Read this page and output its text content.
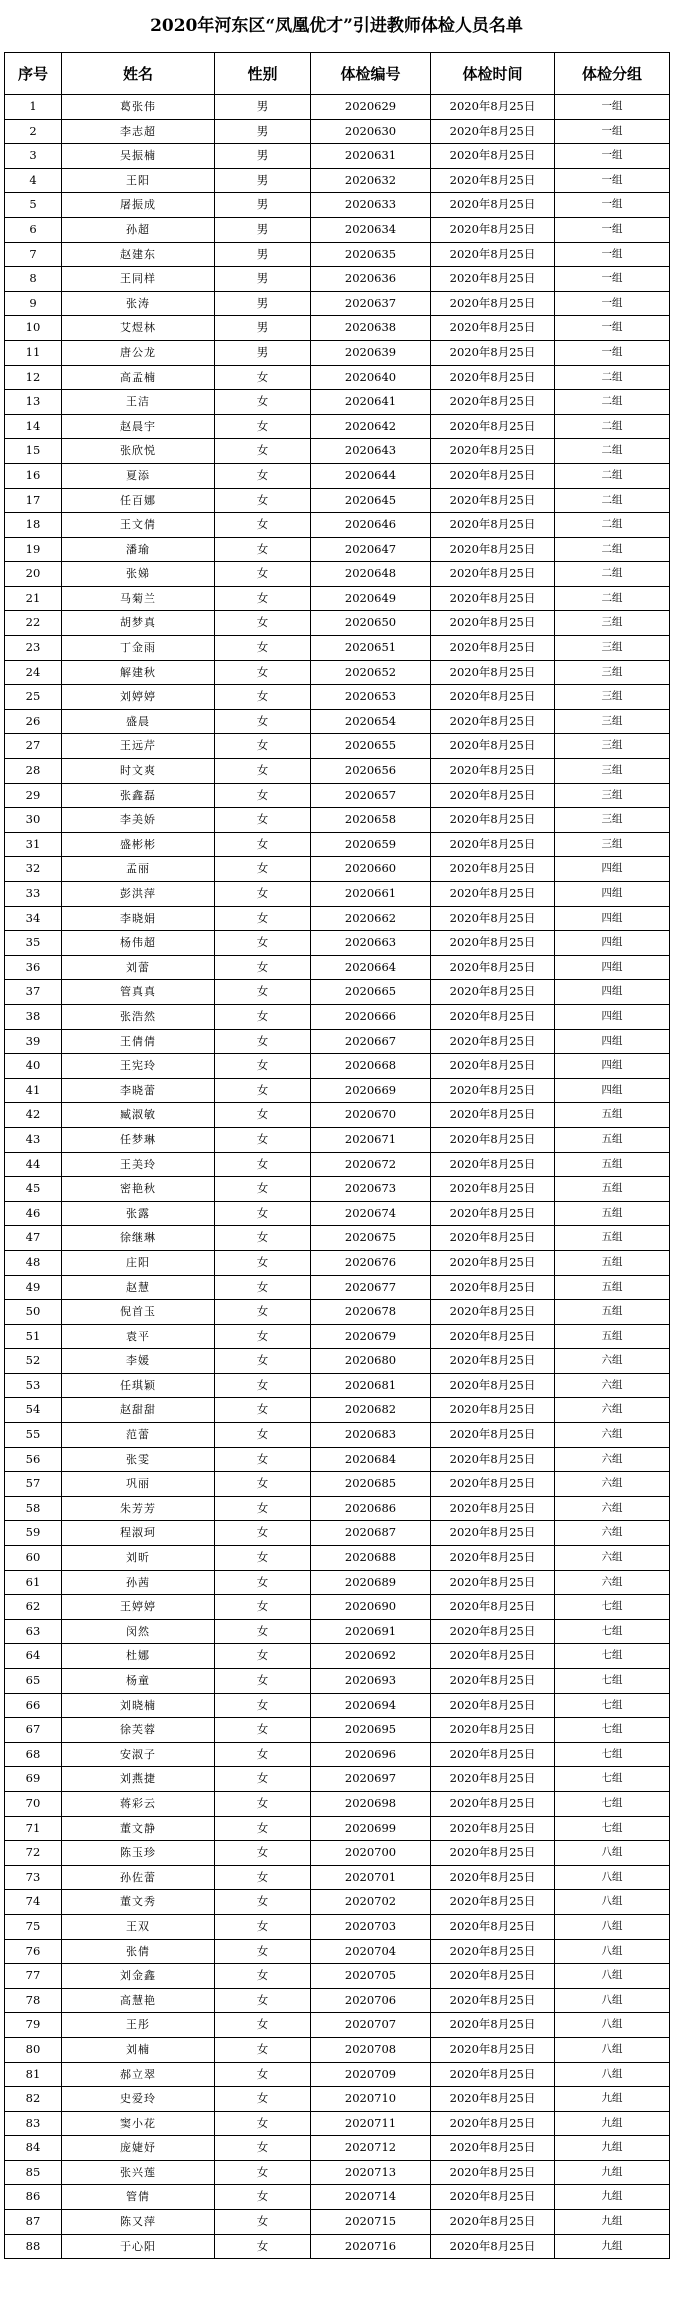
2020年河东区“凤凰优才”引进教师体检人员名单
序号	姓名	性别	体检编号	体检时间	体检分组
1	葛张伟	男	2020629	2020年8月25日	一组
2	李志超	男	2020630	2020年8月25日	一组
3	吴振楠	男	2020631	2020年8月25日	一组
4	王阳	男	2020632	2020年8月25日	一组
5	屠振成	男	2020633	2020年8月25日	一组
6	孙超	男	2020634	2020年8月25日	一组
7	赵建东	男	2020635	2020年8月25日	一组
8	王同样	男	2020636	2020年8月25日	一组
9	张涛	男	2020637	2020年8月25日	一组
10	艾煜林	男	2020638	2020年8月25日	一组
11	唐公龙	男	2020639	2020年8月25日	一组
12	高孟楠	女	2020640	2020年8月25日	二组
13	王洁	女	2020641	2020年8月25日	二组
14	赵晨宇	女	2020642	2020年8月25日	二组
15	张欣悦	女	2020643	2020年8月25日	二组
16	夏添	女	2020644	2020年8月25日	二组
17	任百娜	女	2020645	2020年8月25日	二组
18	王文倩	女	2020646	2020年8月25日	二组
19	潘瑜	女	2020647	2020年8月25日	二组
20	张娣	女	2020648	2020年8月25日	二组
21	马菊兰	女	2020649	2020年8月25日	二组
22	胡梦真	女	2020650	2020年8月25日	三组
23	丁金雨	女	2020651	2020年8月25日	三组
24	解建秋	女	2020652	2020年8月25日	三组
25	刘婷婷	女	2020653	2020年8月25日	三组
26	盛晨	女	2020654	2020年8月25日	三组
27	王远芹	女	2020655	2020年8月25日	三组
28	时文爽	女	2020656	2020年8月25日	三组
29	张鑫磊	女	2020657	2020年8月25日	三组
30	李美娇	女	2020658	2020年8月25日	三组
31	盛彬彬	女	2020659	2020年8月25日	三组
32	孟丽	女	2020660	2020年8月25日	四组
33	彭洪萍	女	2020661	2020年8月25日	四组
34	李晓娟	女	2020662	2020年8月25日	四组
35	杨伟超	女	2020663	2020年8月25日	四组
36	刘蕾	女	2020664	2020年8月25日	四组
37	管真真	女	2020665	2020年8月25日	四组
38	张浩然	女	2020666	2020年8月25日	四组
39	王倩倩	女	2020667	2020年8月25日	四组
40	王宪玲	女	2020668	2020年8月25日	四组
41	李晓蕾	女	2020669	2020年8月25日	四组
42	臧淑敏	女	2020670	2020年8月25日	五组
43	任梦琳	女	2020671	2020年8月25日	五组
44	王美玲	女	2020672	2020年8月25日	五组
45	密艳秋	女	2020673	2020年8月25日	五组
46	张露	女	2020674	2020年8月25日	五组
47	徐继琳	女	2020675	2020年8月25日	五组
48	庄阳	女	2020676	2020年8月25日	五组
49	赵慧	女	2020677	2020年8月25日	五组
50	倪首玉	女	2020678	2020年8月25日	五组
51	袁平	女	2020679	2020年8月25日	五组
52	李媛	女	2020680	2020年8月25日	六组
53	任琪颖	女	2020681	2020年8月25日	六组
54	赵甜甜	女	2020682	2020年8月25日	六组
55	范蕾	女	2020683	2020年8月25日	六组
56	张雯	女	2020684	2020年8月25日	六组
57	巩丽	女	2020685	2020年8月25日	六组
58	朱芳芳	女	2020686	2020年8月25日	六组
59	程淑珂	女	2020687	2020年8月25日	六组
60	刘昕	女	2020688	2020年8月25日	六组
61	孙茜	女	2020689	2020年8月25日	六组
62	王婷婷	女	2020690	2020年8月25日	七组
63	闵然	女	2020691	2020年8月25日	七组
64	杜娜	女	2020692	2020年8月25日	七组
65	杨童	女	2020693	2020年8月25日	七组
66	刘晓楠	女	2020694	2020年8月25日	七组
67	徐芙蓉	女	2020695	2020年8月25日	七组
68	安淑子	女	2020696	2020年8月25日	七组
69	刘燕捷	女	2020697	2020年8月25日	七组
70	蒋彩云	女	2020698	2020年8月25日	七组
71	董文静	女	2020699	2020年8月25日	七组
72	陈玉珍	女	2020700	2020年8月25日	八组
73	孙佐蕾	女	2020701	2020年8月25日	八组
74	董文秀	女	2020702	2020年8月25日	八组
75	王双	女	2020703	2020年8月25日	八组
76	张倩	女	2020704	2020年8月25日	八组
77	刘金鑫	女	2020705	2020年8月25日	八组
78	高慧艳	女	2020706	2020年8月25日	八组
79	王彤	女	2020707	2020年8月25日	八组
80	刘楠	女	2020708	2020年8月25日	八组
81	郝立翠	女	2020709	2020年8月25日	八组
82	史爱玲	女	2020710	2020年8月25日	九组
83	窦小花	女	2020711	2020年8月25日	九组
84	庞婕妤	女	2020712	2020年8月25日	九组
85	张兴莲	女	2020713	2020年8月25日	九组
86	管倩	女	2020714	2020年8月25日	九组
87	陈又萍	女	2020715	2020年8月25日	九组
88	于心阳	女	2020716	2020年8月25日	九组
